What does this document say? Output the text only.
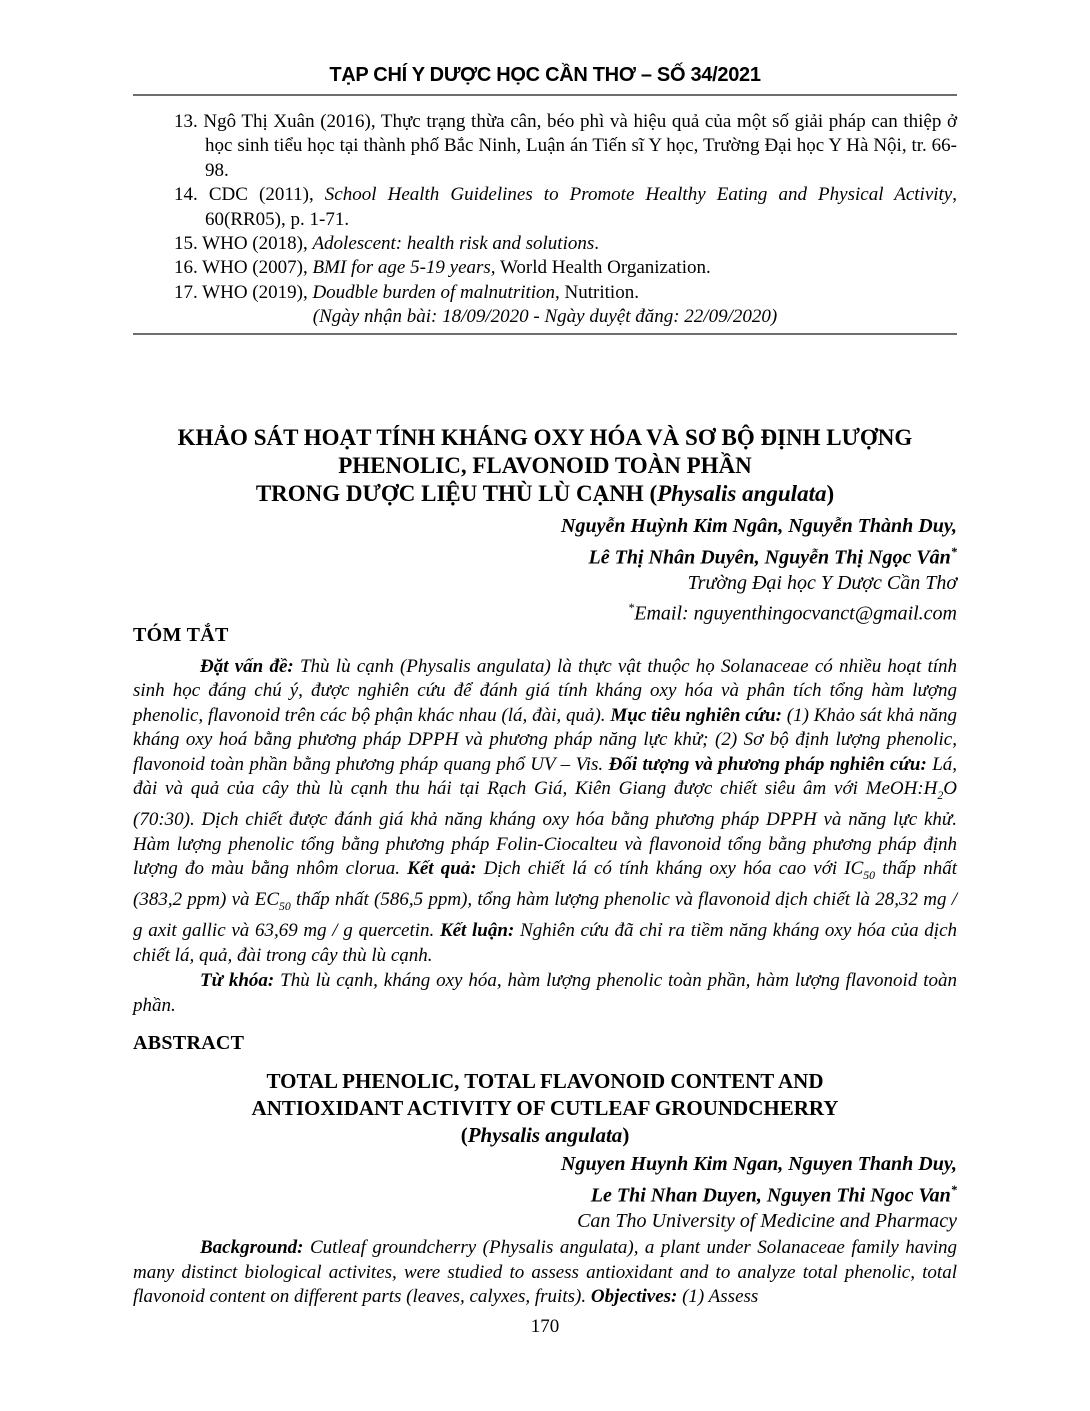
TẠP CHÍ Y DƯỢC HỌC CẦN THƠ – SỐ 34/2021
13. Ngô Thị Xuân (2016), Thực trạng thừa cân, béo phì và hiệu quả của một số giải pháp can thiệp ở học sinh tiểu học tại thành phố Bắc Ninh, Luận án Tiến sĩ Y học, Trường Đại học Y Hà Nội, tr. 66-98.
14. CDC (2011), School Health Guidelines to Promote Healthy Eating and Physical Activity, 60(RR05), p. 1-71.
15. WHO (2018), Adolescent: health risk and solutions.
16. WHO (2007), BMI for age 5-19 years, World Health Organization.
17. WHO (2019), Doudble burden of malnutrition, Nutrition.
(Ngày nhận bài: 18/09/2020 - Ngày duyệt đăng: 22/09/2020)
KHẢO SÁT HOẠT TÍNH KHÁNG OXY HÓA VÀ SƠ BỘ ĐỊNH LƯỢNG
PHENOLIC, FLAVONOID TOÀN PHẦN
TRONG DƯỢC LIỆU THÙ LÙ CẠNH (Physalis angulata)
Nguyễn Huỳnh Kim Ngân, Nguyễn Thành Duy,
Lê Thị Nhân Duyên, Nguyễn Thị Ngọc Vân*
Trường Đại học Y Dược Cần Thơ
*Email: nguyenthingocvanct@gmail.com
TÓM TẮT

Đặt vấn đề: Thù lù cạnh (Physalis angulata) là thực vật thuộc họ Solanaceae có nhiều hoạt tính sinh học đáng chú ý, được nghiên cứu để đánh giá tính kháng oxy hóa và phân tích tổng hàm lượng phenolic, flavonoid trên các bộ phận khác nhau (lá, đài, quả). Mục tiêu nghiên cứu: (1) Khảo sát khả năng kháng oxy hoá bằng phương pháp DPPH và phương pháp năng lực khử; (2) Sơ bộ định lượng phenolic, flavonoid toàn phần bằng phương pháp quang phổ UV – Vis. Đối tượng và phương pháp nghiên cứu: Lá, đài và quả của cây thù lù cạnh thu hái tại Rạch Giá, Kiên Giang được chiết siêu âm với $MeOH:H_2O$ (70:30). Dịch chiết được đánh giá khả năng kháng oxy hóa bằng phương pháp DPPH và năng lực khử. Hàm lượng phenolic tổng bằng phương pháp Folin-Ciocalteu và flavonoid tổng bằng phương pháp định lượng đo màu bằng nhôm clorua. Kết quả: Dịch chiết lá có tính kháng oxy hóa cao với $IC_{50}$ thấp nhất (383,2 ppm) và $EC_{50}$ thấp nhất (586,5 ppm), tổng hàm lượng phenolic và flavonoid dịch chiết là 28,32 mg / g axit gallic và 63,69 mg / g quercetin. Kết luận: Nghiên cứu đã chỉ ra tiềm năng kháng oxy hóa của dịch chiết lá, quả, đài trong cây thù lù cạnh.

Từ khóa: Thù lù cạnh, kháng oxy hóa, hàm lượng phenolic toàn phần, hàm lượng flavonoid toàn phần.

ABSTRACT
TOTAL PHENOLIC, TOTAL FLAVONOID CONTENT AND
ANTIOXIDANT ACTIVITY OF CUTLEAF GROUNDCHERRY
(Physalis angulata)
Nguyen Huynh Kim Ngan, Nguyen Thanh Duy,
Le Thi Nhan Duyen, Nguyen Thi Ngoc Van*
Can Tho University of Medicine and Pharmacy

Background: Cutleaf groundcherry (Physalis angulata), a plant under Solanaceae family having many distinct biological activites, were studied to assess antioxidant and to analyze total phenolic, total flavonoid content on different parts (leaves, calyxes, fruits). Objectives: (1) Assess

170
